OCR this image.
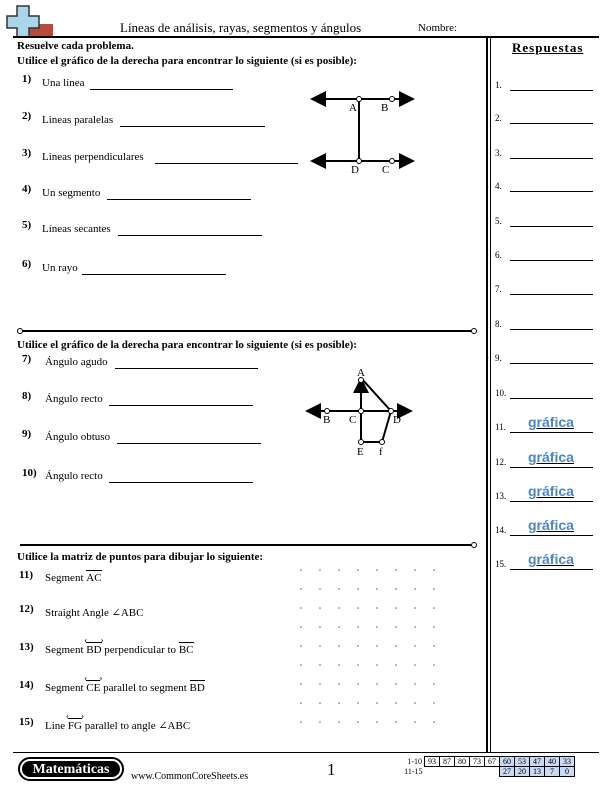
Líneas de análisis, rayas, segmentos y ángulos	Nombre:
Respuestas
1.
2.
3.
4.
5.
6.
7.
8.
9.
10.
11. gráfica
12. gráfica
13. gráfica
14. gráfica
15. gráfica
Resuelve cada problema.
Utilice el gráfico de la derecha para encontrar lo siguiente (si es posible):
1) Una línea
2) Lineas paralelas
3) Lineas perpendiculares
4) Un segmento
5) Líneas secantes
6) Un rayo
A B
D C
Utilice el gráfico de la derecha para encontrar lo siguiente (si es posible):
7) Ángulo agudo
8) Ángulo recto
9) Ángulo obtuso
10) Ángulo recto
A
B C	D
E f
Utilice la matriz de puntos para dibujar lo siguiente:
11) Segment AC
12) Straight Angle ∠ABC
13) Segment BD
‹ ›
perpendicular to BC
14) Segment CE
‹ ›
parallel to segment BD
15) Line FG
‹ ›
parallel to angle ∠ABC
Matemáticas	www.CommonCoreSheets.es	1	1-10	93	87	80	73	67	60	53	47	40	33
11-15						27	20	13	7	0
